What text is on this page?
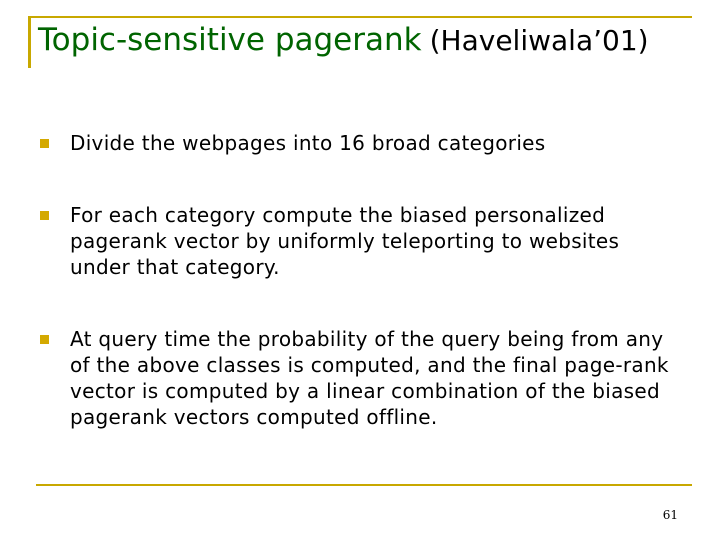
Topic-sensitive pagerank (Haveliwala’01)
Divide the webpages into 16 broad categories
For each category compute the biased personalized pagerank vector by uniformly teleporting to websites under that category.
At query time the probability of the query being from any of the above classes is computed, and the final page-rank vector is computed by a linear combination of the biased pagerank vectors computed offline.
61
